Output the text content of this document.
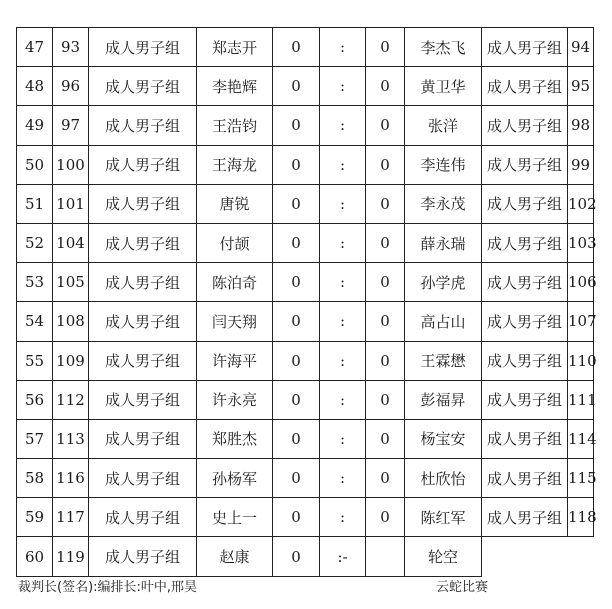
47	93	成人男子组	郑志开	0	:	0	李杰飞	成人男子组	94
48	96	成人男子组	李艳辉	0	:	0	黄卫华	成人男子组	95
49	97	成人男子组	王浩钧	0	:	0	张洋	成人男子组	98
50	100	成人男子组	王海龙	0	:	0	李连伟	成人男子组	99
51	101	成人男子组	唐锐	0	:	0	李永茂	成人男子组	102
52	104	成人男子组	付颉	0	:	0	薛永瑞	成人男子组	103
53	105	成人男子组	陈泊奇	0	:	0	孙学虎	成人男子组	106
54	108	成人男子组	闫天翔	0	:	0	高占山	成人男子组	107
55	109	成人男子组	许海平	0	:	0	王霖懋	成人男子组	110
56	112	成人男子组	许永亮	0	:	0	彭福昇	成人男子组	111
57	113	成人男子组	郑胜杰	0	:	0	杨宝安	成人男子组	114
58	116	成人男子组	孙杨军	0	:	0	杜欣怡	成人男子组	115
59	117	成人男子组	史上一	0	:	0	陈红军	成人男子组	118
60	119	成人男子组	赵康	0	:-		轮空		
裁判长(签名):编排长:叶中,邢昊	云蛇比赛
